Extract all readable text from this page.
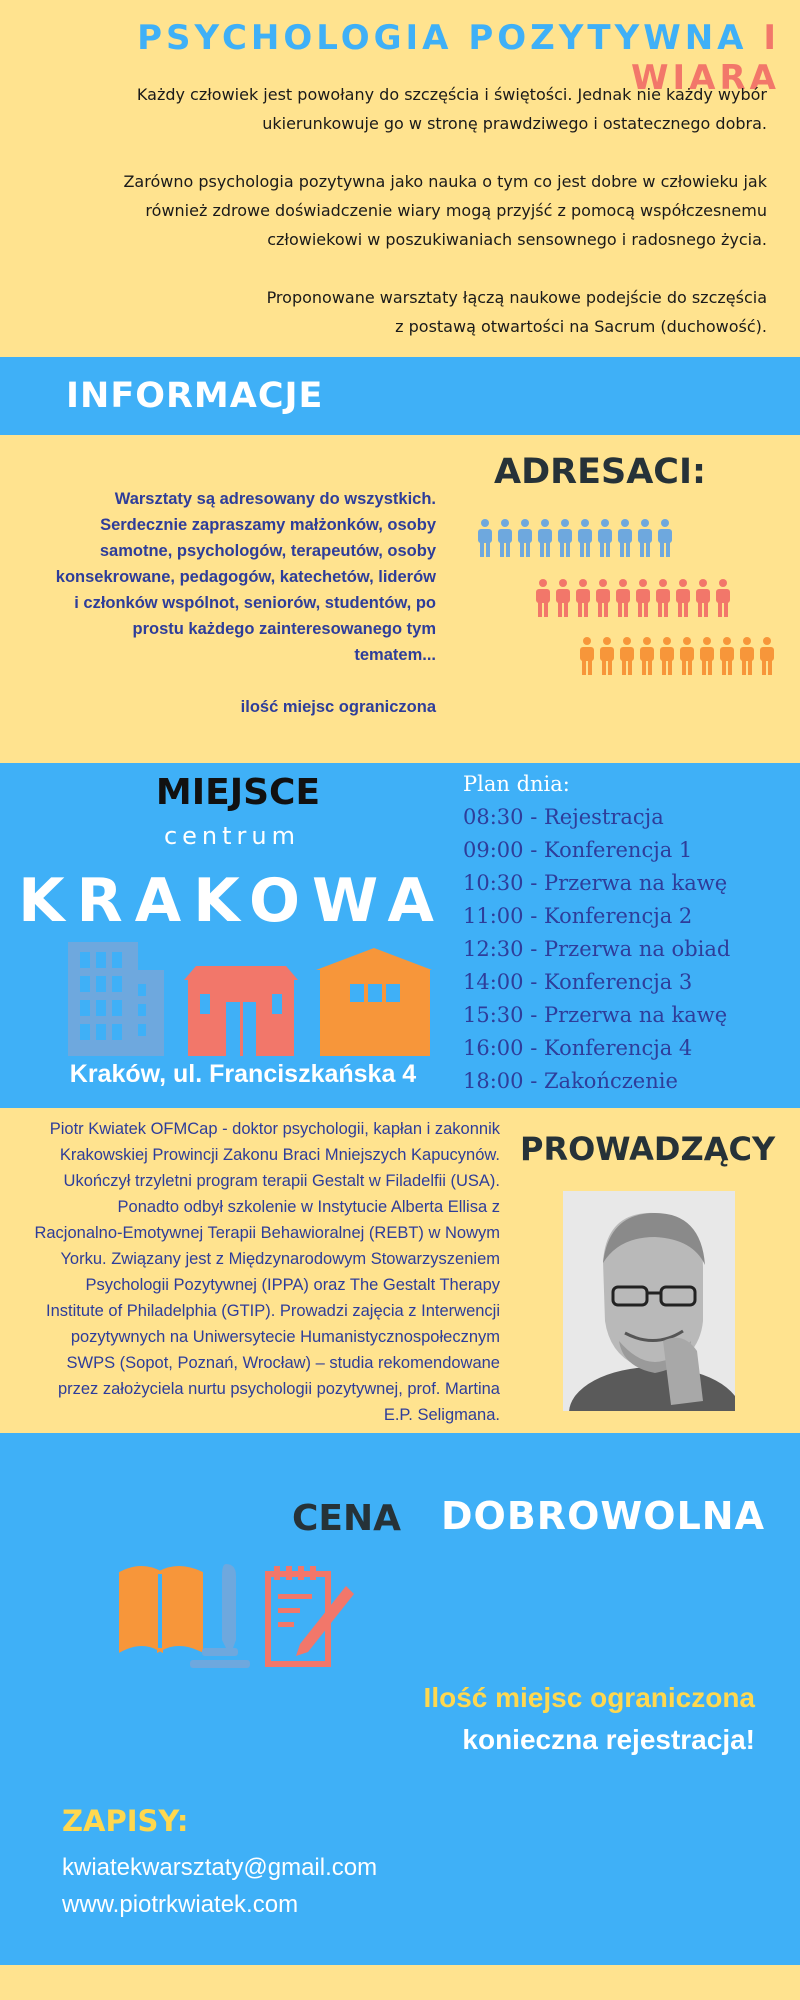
PSYCHOLOGIA POZYTYWNA I WIARA

Każdy człowiek jest powołany do szczęścia i świętości. Jednak nie każdy wybór

ukierunkowuje go w stronę prawdziwego i ostatecznego dobra.

Zarówno psychologia pozytywna jako nauka o tym co jest dobre w człowieku jak

również zdrowe doświadczenie wiary mogą przyjść z pomocą współczesnemu

człowiekowi w poszukiwaniach sensownego i radosnego życia.

Proponowane warsztaty łączą naukowe podejście do szczęścia

z postawą otwartości na Sacrum (duchowość).

INFORMACJE
Warsztaty są adresowany do wszystkich.
Serdecznie zapraszamy małżonków, osoby
samotne, psychologów, terapeutów, osoby
konsekrowane, pedagogów, katechetów, liderów
i członków wspólnot, seniorów, studentów, po
prostu każdego zainteresowanego tym
tematem...
ilość miejsc ograniczona
ADRESACI:
MIEJSCE
centrum
KRAKOWA
Kraków, ul. Franciszkańska 4
Plan dnia:
08:30 - Rejestracja
09:00 - Konferencja 1
10:30 - Przerwa na kawę
11:00 - Konferencja 2
12:30 - Przerwa na obiad
14:00 - Konferencja 3
15:30 - Przerwa na kawę
16:00 - Konferencja 4
18:00 - Zakończenie
Piotr Kwiatek OFMCap - doktor psychologii, kapłan i zakonnik
Krakowskiej Prowincji Zakonu Braci Mniejszych Kapucynów.
Ukończył trzyletni program terapii Gestalt w Filadelfii (USA).
Ponadto odbył szkolenie w Instytucie Alberta Ellisa z
Racjonalno-Emotywnej Terapii Behawioralnej (REBT) w Nowym
Yorku. Związany jest z Międzynarodowym Stowarzyszeniem
Psychologii Pozytywnej (IPPA) oraz The Gestalt Therapy
Institute of Philadelphia (GTIP). Prowadzi zajęcia z Interwencji
pozytywnych na Uniwersytecie Humanistycznospołecznym
SWPS (Sopot, Poznań, Wrocław) – studia rekomendowane
przez założyciela nurtu psychologii pozytywnej, prof. Martina
E.P. Seligmana.
PROWADZĄCY
CENA DOBROWOLNA
Ilość miejsc ograniczona
konieczna rejestracja!
ZAPISY:
kwiatekwarsztaty@gmail.com
www.piotrkwiatek.com
